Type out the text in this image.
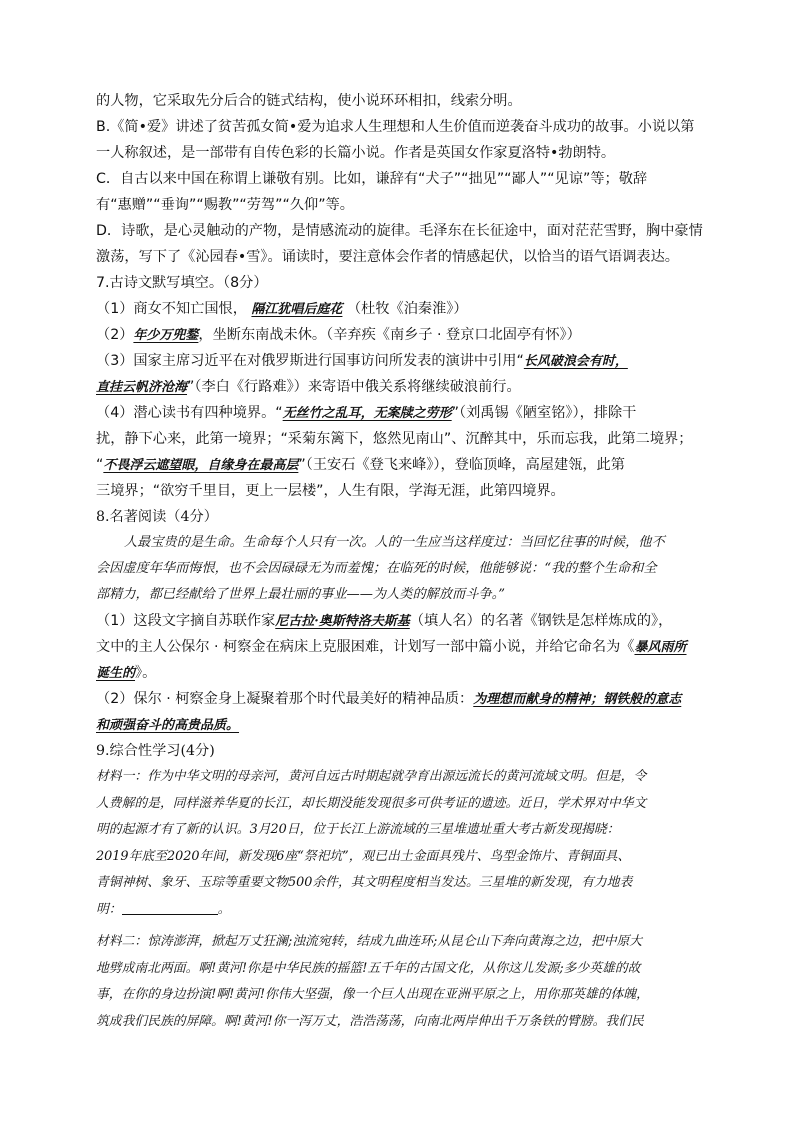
的人物，它采取先分后合的链式结构，使小说环环相扣，线索分明。
B.《简•爱》讲述了贫苦孤女简•爱为追求人生理想和人生价值而逆袭奋斗成功的故事。小说以第
一人称叙述，是一部带有自传色彩的长篇小说。作者是英国女作家夏洛特•勃朗特。
C．自古以来中国在称谓上谦敬有别。比如，谦辞有“犬子”“拙见”“鄙人”“见谅”等；敬辞
有“惠赠”“垂询”“赐教”“劳驾”“久仰”等。
D．诗歌，是心灵触动的产物，是情感流动的旋律。毛泽东在长征途中，面对茫茫雪野，胸中豪情
激荡，写下了《沁园春•雪》。诵读时，要注意体会作者的情感起伏，以恰当的语气语调表达。
7.古诗文默写填空。（8分）
（1）商女不知亡国恨， 隔江犹唱后庭花 （杜牧《泊秦淮》）
（2）年少万兜鍪，坐断东南战未休。（辛弃疾《南乡子 · 登京口北固亭有怀》）
（3）国家主席习近平在对俄罗斯进行国事访问所发表的演讲中引用“长风破浪会有时，
直挂云帆济沧海”（李白《行路难》）来寄语中俄关系将继续破浪前行。
（4）潜心读书有四种境界。“无丝竹之乱耳，无案牍之劳形”（刘禹锡《陋室铭》），排除干
扰，静下心来，此第一境界；“采菊东篱下，悠然见南山”、沉醉其中，乐而忘我，此第二境界；
“不畏浮云遮望眼，自缘身在最高层”（王安石《登飞来峰》），登临顶峰，高屋建瓴，此第
三境界；“欲穷千里目，更上一层楼”，人生有限，学海无涯，此第四境界。
8.名著阅读（4分）
人最宝贵的是生命。生命每个人只有一次。人的一生应当这样度过：当回忆往事的时候，他不
会因虚度年华而悔恨，也不会因碌碌无为而羞愧；在临死的时候，他能够说：“我的整个生命和全
部精力，都已经献给了世界上最壮丽的事业——为人类的解放而斗争。”
（1）这段文字摘自苏联作家尼古拉·奥斯特洛夫斯基（填人名）的名著《钢铁是怎样炼成的》，
文中的主人公保尔 · 柯察金在病床上克服困难，计划写一部中篇小说，并给它命名为《暴风雨所
诞生的》。
（2）保尔 · 柯察金身上凝聚着那个时代最美好的精神品质：为理想而献身的精神；钢铁般的意志
和顽强奋斗的高贵品质。
9.综合性学习(4分)
材料一：作为中华文明的母亲河，黄河自远古时期起就孕育出源远流长的黄河流域文明。但是，令
人费解的是，同样滋养华夏的长江，却长期没能发现很多可供考证的遗迹。近日，学术界对中华文
明的起源才有了新的认识。3月20日，位于长江上游流域的三星堆遗址重大考古新发现揭晓：
2019年底至2020年间，新发现6座“祭祀坑”，观已出土金面具残片、鸟型金饰片、青铜面具、
青铜神树、象牙、玉琮等重要文物500余件，其文明程度相当发达。三星堆的新发现，有力地表
明：	。
材料二：惊涛澎湃，掀起万丈狂澜;浊流宛转，结成九曲连环;从昆仑山下奔向黄海之边，把中原大
地劈成南北两面。啊!黄河!你是中华民族的摇篮!五千年的古国文化，从你这儿发源;多少英雄的故
事，在你的身边扮演!啊!黄河!你伟大坚强，像一个巨人出现在亚洲平原之上，用你那英雄的体魄，
筑成我们民族的屏障。啊!黄河!你一泻万丈，浩浩荡荡，向南北两岸伸出千万条铁的臂膀。我们民
